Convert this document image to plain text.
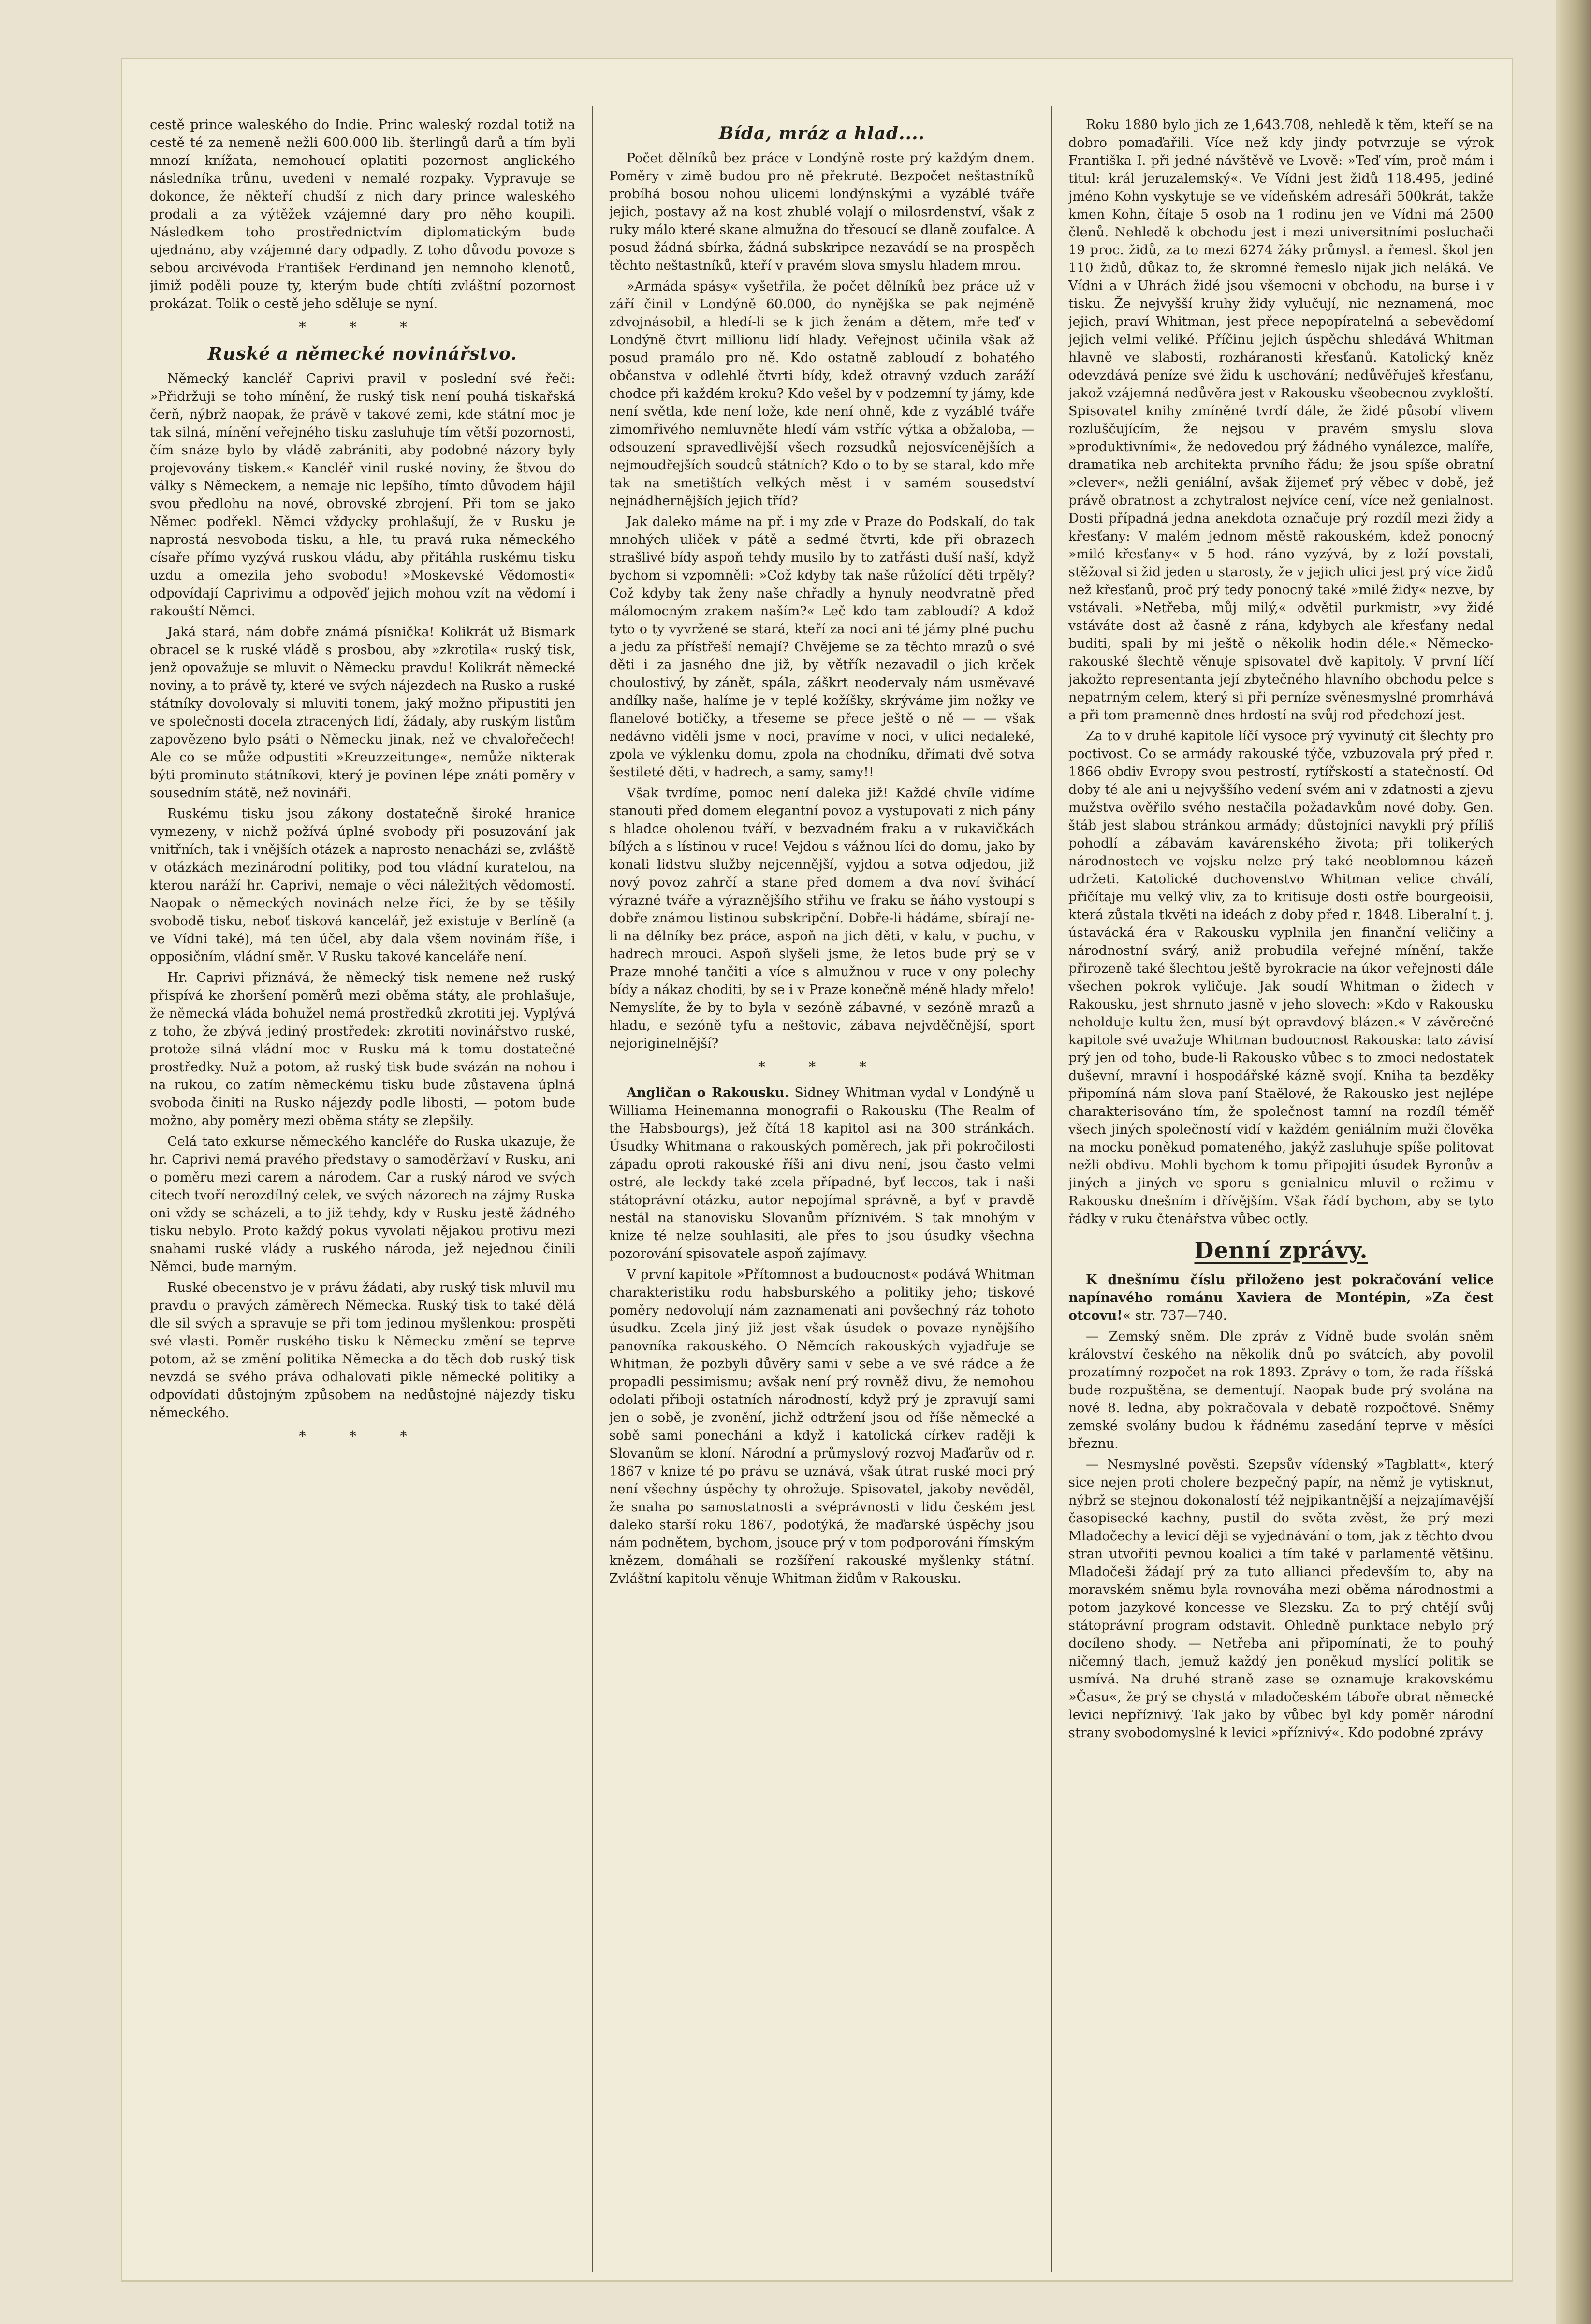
cestě prince waleského do Indie. Princ waleský rozdal totiž na cestě té za nemeně nežli 600.000 lib. šterlingů darů a tím byli mnozí knížata, nemohoucí oplatiti pozornost anglického následníka trůnu, uvedeni v nemalé rozpaky. Vypravuje se dokonce, že někteří chudší z nich dary prince waleského prodali a za výtěžek vzájemné dary pro něho koupili. Následkem toho prostřednictvím diplomatickým bude ujednáno, aby vzájemné dary odpadly. Z toho důvodu povoze s sebou arcivévoda František Ferdinand jen nemnoho klenotů, jimiž poděli pouze ty, kterým bude chtíti zvláštní pozornost prokázat. Tolik o cestě jeho sděluje se nyní.

* * *
Ruské a německé novinářstvo.

Německý kancléř Caprivi pravil v poslední své řeči: »Přidržuji se toho mínění, že ruský tisk není pouhá tiskařská čerň, nýbrž naopak, že právě v takové zemi, kde státní moc je tak silná, mínění veřejného tisku zasluhuje tím větší pozornosti, čím snáze bylo by vládě zabrániti, aby podobné názory byly projevovány tiskem.« Kancléř vinil ruské noviny, že štvou do války s Německem, a nemaje nic lepšího, tímto důvodem hájil svou předlohu na nové, obrovské zbrojení. Při tom se jako Němec podřekl. Němci vždycky prohlašují, že v Rusku je naprostá nesvoboda tisku, a hle, tu pravá ruka německého císaře přímo vyzývá ruskou vládu, aby přitáhla ruskému tisku uzdu a omezila jeho svobodu! »Moskevské Vědomosti« odpovídají Caprivimu a odpověď jejich mohou vzít na vědomí i rakouští Němci.

Jaká stará, nám dobře známá písnička! Kolikrát už Bismark obracel se k ruské vládě s prosbou, aby »zkrotila« ruský tisk, jenž opovažuje se mluvit o Německu pravdu! Kolikrát německé noviny, a to právě ty, které ve svých nájezdech na Rusko a ruské státníky dovolovaly si mluviti tonem, jaký možno připustiti jen ve společnosti docela ztracených lidí, žádaly, aby ruským listům zapovězeno bylo psáti o Německu jinak, než ve chvalořečech! Ale co se může odpustiti »Kreuzzeitunge«, nemůže nikterak býti prominuto státníkovi, který je povinen lépe znáti poměry v sousedním státě, než novináři.

Ruskému tisku jsou zákony dostatečně široké hranice vymezeny, v nichž požívá úplné svobody při posuzování jak vnitřních, tak i vnějších otázek a naprosto nenacházi se, zvláště v otázkách mezinárodní politiky, pod tou vládní kuratelou, na kterou naráží hr. Caprivi, nemaje o věci náležitých vědomostí. Naopak o německých novinách nelze říci, že by se těšily svobodě tisku, neboť tisková kancelář, jež existuje v Berlíně (a ve Vídni také), má ten účel, aby dala všem novinám říše, i opposičním, vládní směr. V Rusku takové kanceláře není.

Hr. Caprivi přiznává, že německý tisk nemene než ruský přispívá ke zhoršení poměrů mezi oběma státy, ale prohlašuje, že německá vláda bohužel nemá prostředků zkrotiti jej. Vyplývá z toho, že zbývá jediný prostředek: zkrotiti novinářstvo ruské, protože silná vládní moc v Rusku má k tomu dostatečné prostředky. Nuž a potom, až ruský tisk bude svázán na nohou i na rukou, co zatím německému tisku bude zůstavena úplná svoboda činiti na Rusko nájezdy podle libosti, — potom bude možno, aby poměry mezi oběma státy se zlepšily.

Celá tato exkurse německého kancléře do Ruska ukazuje, že hr. Caprivi nemá pravého představy o samoděržaví v Rusku, ani o poměru mezi carem a národem. Car a ruský národ ve svých citech tvoří nerozdílný celek, ve svých názorech na zájmy Ruska oni vždy se scházeli, a to již tehdy, kdy v Rusku jestě žádného tisku nebylo. Proto každý pokus vyvolati nějakou protivu mezi snahami ruské vlády a ruského národa, jež nejednou činili Němci, bude marným.

Ruské obecenstvo je v právu žádati, aby ruský tisk mluvil mu pravdu o pravých záměrech Německa. Ruský tisk to také dělá dle sil svých a spravuje se při tom jedinou myšlenkou: prospěti své vlasti. Poměr ruského tisku k Německu změní se teprve potom, až se změní politika Německa a do těch dob ruský tisk nevzdá se svého práva odhalovati pikle německé politiky a odpovídati důstojným způsobem na nedůstojné nájezdy tisku německého.

* * *
Bída, mráz a hlad....

Počet dělníků bez práce v Londýně roste prý každým dnem. Poměry v zimě budou pro ně překruté. Bezpočet neštastníků probíhá bosou nohou ulicemi londýnskými a vyzáblé tváře jejich, postavy až na kost zhublé volají o milosrdenství, však z ruky málo které skane almužna do třesoucí se dlaně zoufalce. A posud žádná sbírka, žádná subskripce nezavádí se na prospěch těchto neštastníků, kteří v pravém slova smyslu hladem mrou.

»Armáda spásy« vyšetřila, že počet dělníků bez práce už v září činil v Londýně 60.000, do nynějška se pak nejméně zdvojnásobil, a hledí-li se k jich ženám a dětem, mře teď v Londýně čtvrt millionu lidí hlady. Veřejnost učinila však až posud pramálo pro ně. Kdo ostatně zabloudí z bohatého občanstva v odlehlé čtvrti bídy, kdež otravný vzduch zaráží chodce při každém kroku? Kdo vešel by v podzemní ty jámy, kde není světla, kde není lože, kde není ohně, kde z vyzáblé tváře zimomřivého nemluvněte hledí vám vstříc výtka a obžaloba, — odsouzení spravedlivější všech rozsudků nejosvícenějších a nejmoudřejších soudců státních? Kdo o to by se staral, kdo mře tak na smetištích velkých měst i v samém sousedství nejnádhernějších jejich tříd?

Jak daleko máme na př. i my zde v Praze do Podskalí, do tak mnohých uliček v pátě a sedmé čtvrti, kde při obrazech strašlivé bídy aspoň tehdy musilo by to zatřásti duší naší, když bychom si vzpomněli: »Což kdyby tak naše růžolící děti trpěly? Což kdyby tak ženy naše chřadly a hynuly neodvratně před málomocným zrakem naším?« Leč kdo tam zabloudí? A kdož tyto o ty vyvržené se stará, kteří za noci ani té jámy plné puchu a jedu za přístřeší nemají? Chvějeme se za těchto mrazů o své děti i za jasného dne již, by větřík nezavadil o jich krček choulostivý, by zánět, spála, záškrt neodervaly nám usměvavé andílky naše, halíme je v teplé kožíšky, skrýváme jim nožky ve flanelové botičky, a třeseme se přece ještě o ně — — však nedávno viděli jsme v noci, pravíme v noci, v ulici nedaleké, zpola ve výklenku domu, zpola na chodníku, dřímati dvě sotva šestileté děti, v hadrech, a samy, samy!!

Však tvrdíme, pomoc není daleka již! Každé chvíle vidíme stanouti před domem elegantní povoz a vystupovati z nich pány s hladce oholenou tváří, v bezvadném fraku a v rukavičkách bílých a s lístinou v ruce! Vejdou s vážnou líci do domu, jako by konali lidstvu služby nejcennější, vyjdou a sotva odjedou, již nový povoz zahrčí a stane před domem a dva noví švihácí výrazné tváře a výraznějšího střihu ve fraku se ňáho vystoupí s dobře známou listinou subskripční. Dobře-li hádáme, sbírají ne-li na dělníky bez práce, aspoň na jich děti, v kalu, v puchu, v hadrech mrouci. Aspoň slyšeli jsme, že letos bude prý se v Praze mnohé tančiti a více s almužnou v ruce v ony polechy bídy a nákaz choditi, by se i v Praze konečně méně hlady mřelo! Nemyslíte, že by to byla v sezóně zábavné, v sezóně mrazů a hladu, e sezóně tyfu a neštovic, zábava nejvděčnější, sport nejoriginelnější?

* * *

Angličan o Rakousku. Sidney Whitman vydal v Londýně u Williama Heinemanna monografii o Rakousku (The Realm of the Habsbourgs), jež čítá 18 kapitol asi na 300 stránkách. Úsudky Whitmana o rakouských poměrech, jak při pokročilosti západu oproti rakouské říši ani divu není, jsou často velmi ostré, ale leckdy také zcela případné, byť leccos, tak i naši státoprávní otázku, autor nepojímal správně, a byť v pravdě nestál na stanovisku Slovanům příznivém. S tak mnohým v knize té nelze souhlasiti, ale přes to jsou úsudky všechna pozorování spisovatele aspoň zajímavy.

V první kapitole »Přítomnost a budoucnost« podává Whitman charakteristiku rodu habsburského a politiky jeho; tiskové poměry nedovolují nám zaznamenati ani povšechný ráz tohoto úsudku. Zcela jiný již jest však úsudek o povaze nynějšího panovníka rakouského. O Němcích rakouských vyjadřuje se Whitman, že pozbyli důvěry sami v sebe a ve své rádce a že propadli pessimismu; avšak není prý rovněž divu, že nemohou odolati přiboji ostatních národností, když prý je zpravují sami jen o sobě, je zvonění, jichž odtržení jsou od říše německé a sobě sami ponecháni a když i katolická církev raději k Slovanům se kloní. Národní a průmyslový rozvoj Maďarův od r. 1867 v knize té po právu se uznává, však útrat ruské moci prý není všechny úspěchy ty ohrožuje. Spisovatel, jakoby nevěděl, že snaha po samostatnosti a svéprávnosti v lidu českém jest daleko starší roku 1867, podotýká, že maďarské úspěchy jsou nám podnětem, bychom, jsouce prý v tom podporováni římským knězem, domáhali se rozšíření rakouské myšlenky státní. Zvláštní kapitolu věnuje Whitman židům v Rakousku.

Roku 1880 bylo jich ze 1,643.708, nehledě k těm, kteří se na dobro pomaďařili. Více než kdy jindy potvrzuje se výrok Františka I. při jedné návštěvě ve Lvově: »Teď vím, proč mám i titul: král jeruzalemský«. Ve Vídni jest židů 118.495, jediné jméno Kohn vyskytuje se ve vídeňském adresáři 500krát, takže kmen Kohn, čítaje 5 osob na 1 rodinu jen ve Vídni má 2500 členů. Nehledě k obchodu jest i mezi universitními posluchači 19 proc. židů, za to mezi 6274 žáky průmysl. a řemesl. škol jen 110 židů, důkaz to, že skromné řemeslo nijak jich neláká. Ve Vídni a v Uhrách židé jsou všemocni v obchodu, na burse i v tisku. Že nejvyšší kruhy židy vylučují, nic neznamená, moc jejich, praví Whitman, jest přece nepopíratelná a sebevědomí jejich velmi veliké. Příčinu jejich úspěchu shledává Whitman hlavně ve slabosti, rozháranosti křesťanů. Katolický kněz odevzdává peníze své židu k uschování; nedůvěřuješ křesťanu, jakož vzájemná nedůvěra jest v Rakousku všeobecnou zvykloští. Spisovatel knihy zmíněné tvrdí dále, že židé působí vlivem rozluščujícím, že nejsou v pravém smyslu slova »produktivními«, že nedovedou prý žádného vynálezce, malíře, dramatika neb architekta prvního řádu; že jsou spíše obratní »clever«, nežli geniální, avšak žijemeť prý věbec v době, jež právě obratnost a zchytralost nejvíce cení, více než genialnost. Dosti případná jedna anekdota označuje prý rozdíl mezi židy a křesťany: V malém jednom městě rakouském, kdež ponocný »milé křesťany« v 5 hod. ráno vyzývá, by z loží povstali, stěžoval si žid jeden u starosty, že v jejich ulici jest prý více židů než křesťanů, proč prý tedy ponocný také »milé židy« nezve, by vstávali. »Netřeba, můj milý,« odvětil purkmistr, »vy židé vstáváte dost až časně z rána, kdybych ale křesťany nedal buditi, spali by mi ještě o několik hodin déle.« Německo-rakouské šlechtě věnuje spisovatel dvě kapitoly. V první líčí jakožto representanta její zbytečného hlavního obchodu pelce s nepatrným celem, který si při perníze svěnesmyslné promrhává a při tom pramenně dnes hrdostí na svůj rod předchozí jest.

Za to v druhé kapitole líčí vysoce prý vyvinutý cit šlechty pro poctivost. Co se armády rakouské týče, vzbuzovala prý před r. 1866 obdiv Evropy svou pestrostí, rytířskostí a statečností. Od doby té ale ani u nejvyššího vedení svém ani v zdatnosti a zjevu mužstva ověřilo svého nestačila požadavkům nové doby. Gen. štáb jest slabou stránkou armády; důstojníci navykli prý příliš pohodlí a zábavám kavárenského života; při tolikerých národnostech ve vojsku nelze prý také neoblomnou kázeň udržeti. Katolické duchovenstvo Whitman velice chválí, přičítaje mu velký vliv, za to kritisuje dosti ostře bourgeoisii, která zůstala tkvěti na ideách z doby před r. 1848. Liberalní t. j. ústavácká éra v Rakousku vyplnila jen finanční veličiny a národnostní svárý, aniž probudila veřejné mínění, takže přirozeně také šlechtou ještě byrokracie na úkor veřejnosti dále všechen pokrok vyličuje. Jak soudí Whitman o židech v Rakousku, jest shrnuto jasně v jeho slovech: »Kdo v Rakousku neholduje kultu žen, musí být opravdový blázen.« V závěrečné kapitole své uvažuje Whitman budoucnost Rakouska: tato závisí prý jen od toho, bude-li Rakousko vůbec s to zmoci nedostatek duševní, mravní i hospodářské kázně svojí. Kniha ta bezděky připomíná nám slova paní Staëlové, že Rakousko jest nejlépe charakterisováno tím, že společnost tamní na rozdíl téměř všech jiných společností vidí v každém geniálním muži člověka na mocku poněkud pomateného, jakýž zasluhuje spíše politovat nežli obdivu. Mohli bychom k tomu připojiti úsudek Byronův a jiných a jiných ve sporu s genialnicu mluvil o režimu v Rakousku dnešním i dřívějším. Však řádí bychom, aby se tyto řádky v ruku čtenářstva vůbec octly.

Denní zprávy.

K dnešnímu číslu přiloženo jest pokračování velice napínavého románu Xaviera de Montépin, »Za čest otcovu!« str. 737—740.

— Zemský sněm. Dle zpráv z Vídně bude svolán sněm království českého na několik dnů po svátcích, aby povolil prozatímný rozpočet na rok 1893. Zprávy o tom, že rada říšská bude rozpuštěna, se dementují. Naopak bude prý svolána na nové 8. ledna, aby pokračovala v debatě rozpočtové. Sněmy zemské svolány budou k řádnému zasedání teprve v měsíci březnu.

— Nesmyslné pověsti. Szepsův vídenský »Tagblatt«, který sice nejen proti cholere bezpečný papír, na němž je vytisknut, nýbrž se stejnou dokonalostí též nejpikantnější a nejzajímavější časopisecké kachny, pustil do světa zvěst, že prý mezi Mladočechy a levicí ději se vyjednávání o tom, jak z těchto dvou stran utvořiti pevnou koalici a tím také v parlamentě většinu. Mladočeši žádají prý za tuto allianci především to, aby na moravském sněmu byla rovnováha mezi oběma národnostmi a potom jazykové koncesse ve Slezsku. Za to prý chtějí svůj státoprávní program odstavit. Ohledně punktace nebylo prý docíleno shody. — Netřeba ani připomínati, že to pouhý ničemný tlach, jemuž každý jen poněkud myslící politik se usmívá. Na druhé straně zase se oznamuje krakovskému »Času«, že prý se chystá v mladočeském táboře obrat německé levici nepříznivý. Tak jako by vůbec byl kdy poměr národní strany svobodomyslné k levici »příznivý«. Kdo podobné zprávy
